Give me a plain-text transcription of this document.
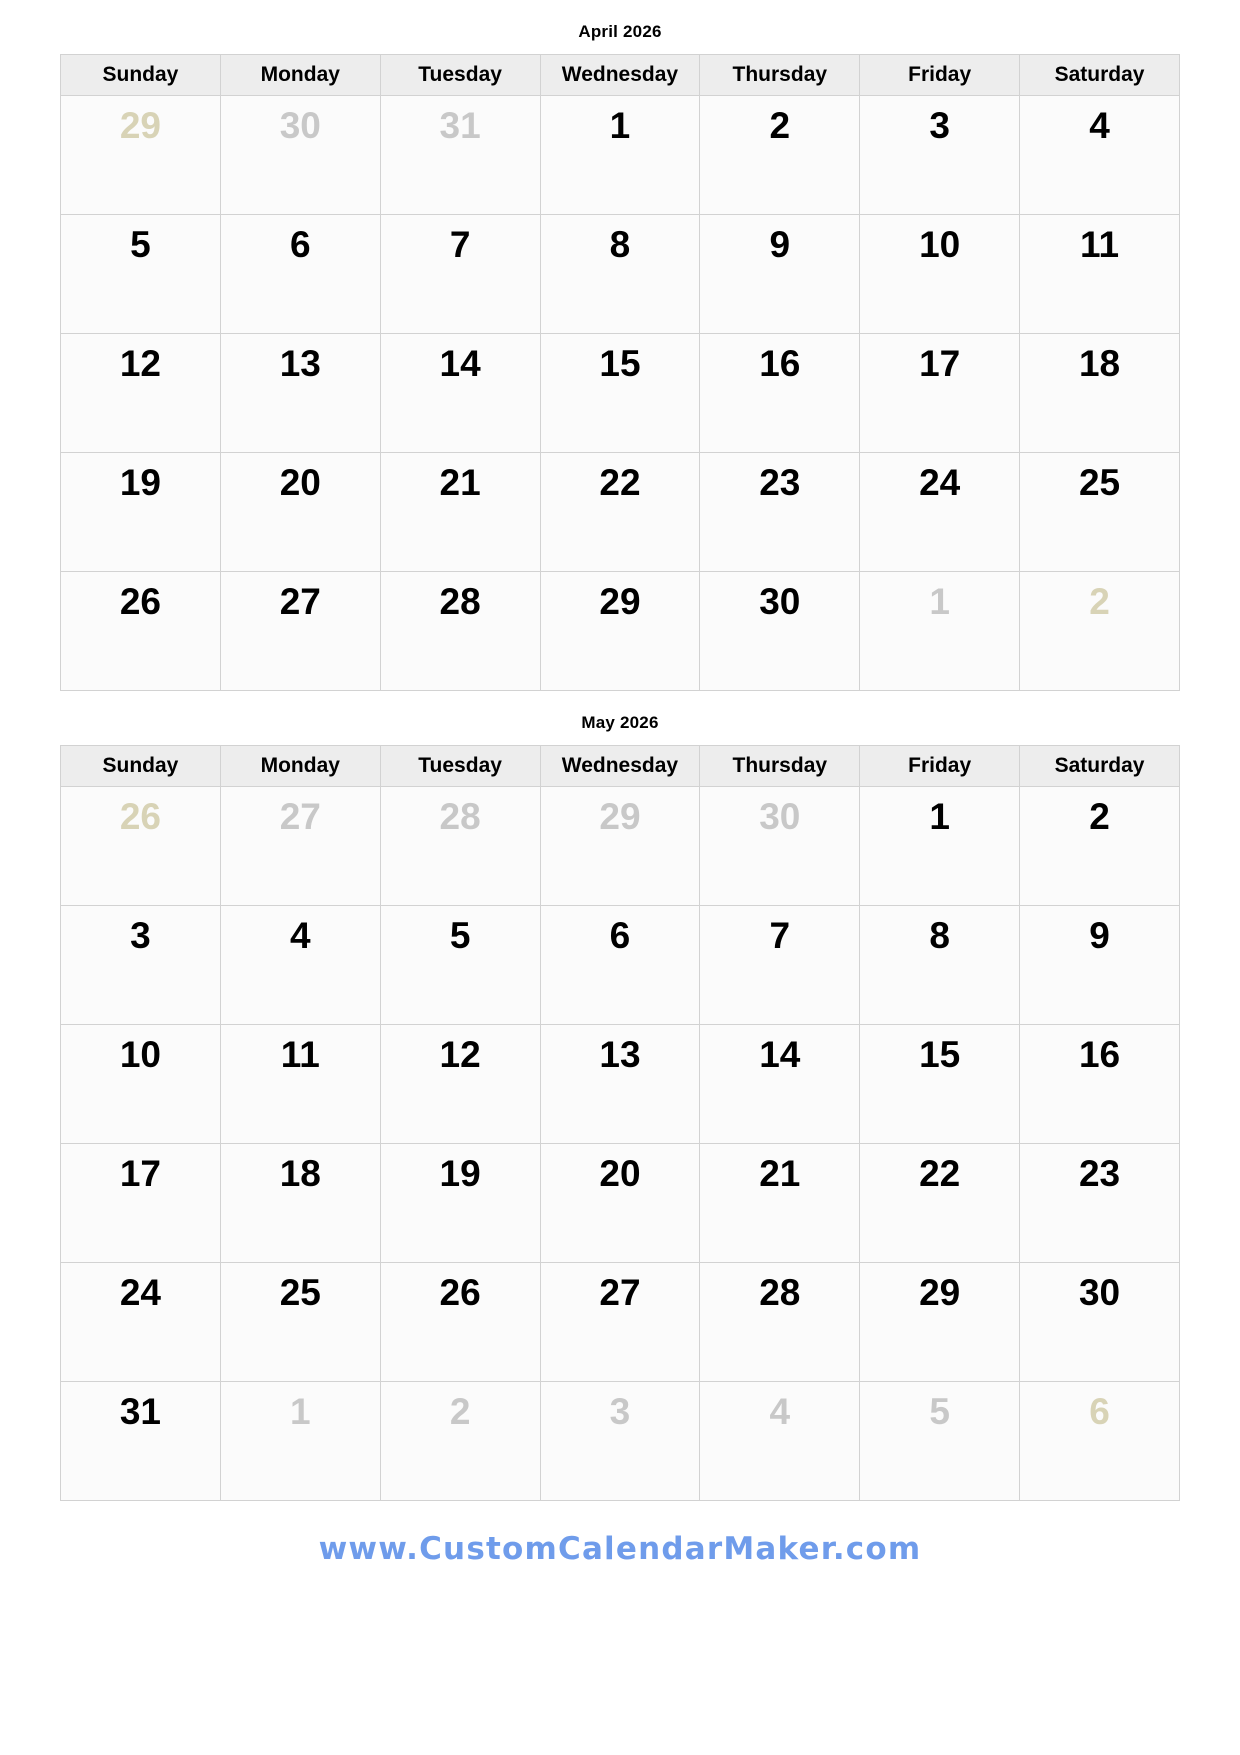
April 2026
Sunday	Monday	Tuesday	Wednesday	Thursday	Friday	Saturday

29	30	31	1	2	3	4

5	6	7	8	9	10	11

12	13	14	15	16	17	18

19	20	21	22	23	24	25

26	27	28	29	30	1	2
May 2026
Sunday	Monday	Tuesday	Wednesday	Thursday	Friday	Saturday

26	27	28	29	30	1	2

3	4	5	6	7	8	9

10	11	12	13	14	15	16

17	18	19	20	21	22	23

24	25	26	27	28	29	30

31	1	2	3	4	5	6
www.CustomCalendarMaker.com
